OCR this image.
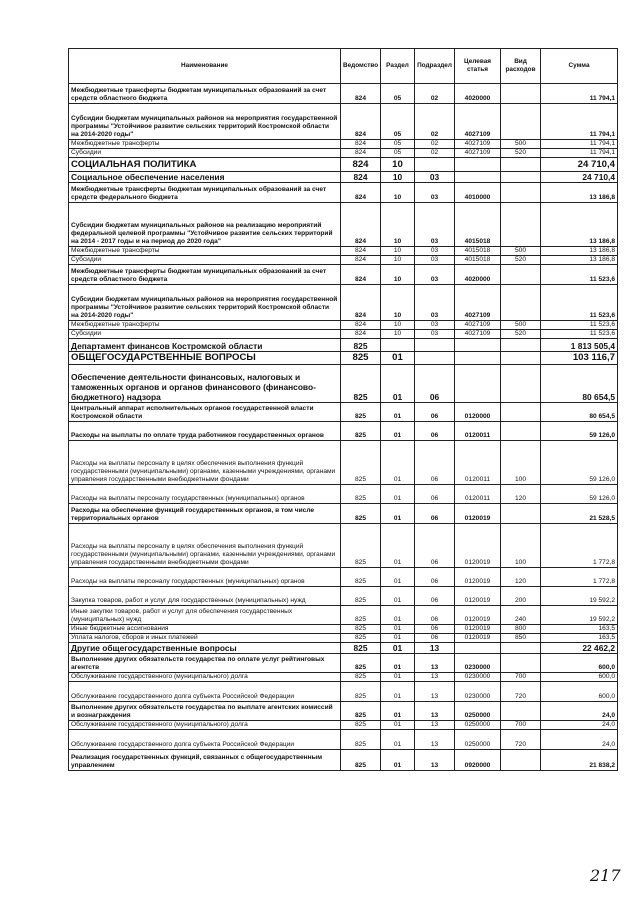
Наименование	Ведомство	Раздел	Подраздел	Целевая статья	Вид расходов	Сумма
Межбюджетные трансферты бюджетам муниципальных образований за счет средств областного бюджета	824	05	02	4020000		11 794,1
Субсидии бюджетам муниципальных районов на мероприятия государственной программы "Устойчивое развитие сельских территорий Костромской области на 2014-2020 годы"	824	05	02	4027109		11 794,1
Межбюджетные трансферты	824	05	02	4027109	500	11 794,1
Субсидии	824	05	02	4027109	520	11 794,1
СОЦИАЛЬНАЯ ПОЛИТИКА	824	10				24 710,4
Социальное обеспечение населения	824	10	03			24 710,4
Межбюджетные трансферты бюджетам муниципальных образований за счет средств федерального бюджета	824	10	03	4010000		13 186,8
Субсидии бюджетам муниципальных районов на реализацию мероприятий федеральной целевой программы "Устойчивое развитие сельских территорий на 2014 - 2017 годы и на период до 2020 года"	824	10	03	4015018		13 186,8
Межбюджетные трансферты	824	10	03	4015018	500	13 186,8
Субсидии	824	10	03	4015018	520	13 186,8
Межбюджетные трансферты бюджетам муниципальных образований за счет средств областного бюджета	824	10	03	4020000		11 523,6
Субсидии бюджетам муниципальных районов на мероприятия государственной программы "Устойчивое развитие сельских территорий Костромской области на 2014-2020 годы"	824	10	03	4027109		11 523,6
Межбюджетные трансферты	824	10	03	4027109	500	11 523,6
Субсидии	824	10	03	4027109	520	11 523,6
Департамент финансов Костромской области	825					1 813 505,4
ОБЩЕГОСУДАРСТВЕННЫЕ ВОПРОСЫ	825	01				103 116,7
Обеспечение деятельности финансовых, налоговых и таможенных органов и органов финансового (финансово-бюджетного) надзора	825	01	06			80 654,5
Центральный аппарат исполнительных органов государственной власти Костромской области	825	01	06	0120000		80 654,5
Расходы на выплаты по оплате труда работников государственных органов	825	01	06	0120011		59 126,0
Расходы на выплаты персоналу в целях обеспечения выполнения функций государственными (муниципальными) органами, казенными учреждениями, органами управления государственными внебюджетными фондами	825	01	06	0120011	100	59 126,0
Расходы на выплаты персоналу государственных (муниципальных) органов	825	01	06	0120011	120	59 126,0
Расходы на обеспечение функций государственных органов, в том числе территориальных органов	825	01	06	0120019		21 528,5
Расходы на выплаты персоналу в целях обеспечения выполнения функций государственными (муниципальными) органами, казенными учреждениями, органами управления государственными внебюджетными фондами	825	01	06	0120019	100	1 772,8
Расходы на выплаты персоналу государственных (муниципальных) органов	825	01	06	0120019	120	1 772,8
Закупка товаров, работ и услуг для государственных (муниципальных) нужд	825	01	06	0120019	200	19 592,2
Иные закупки товаров, работ и услуг для обеспечения государственных (муниципальных) нужд	825	01	06	0120019	240	19 592,2
Иные бюджетные ассигнования	825	01	06	0120019	800	163,5
Уплата налогов, сборов и иных платежей	825	01	06	0120019	850	163,5
Другие общегосударственные вопросы	825	01	13			22 462,2
Выполнение других обязательств государства по оплате услуг рейтинговых агентств	825	01	13	0230000		600,0
Обслуживание государственного (муниципального) долга	825	01	13	0230000	700	600,0
Обслуживание государственного долга субъекта Российской Федерации	825	01	13	0230000	720	600,0
Выполнение других обязательств государства по выплате агентских комиссий и вознаграждения	825	01	13	0250000		24,0
Обслуживание государственного (муниципального) долга	825	01	13	0250000	700	24,0
Обслуживание государственного долга субъекта Российской Федерации	825	01	13	0250000	720	24,0
Реализация государственных функций, связанных с общегосударственным управлением	825	01	13	0920000		21 838,2
217
